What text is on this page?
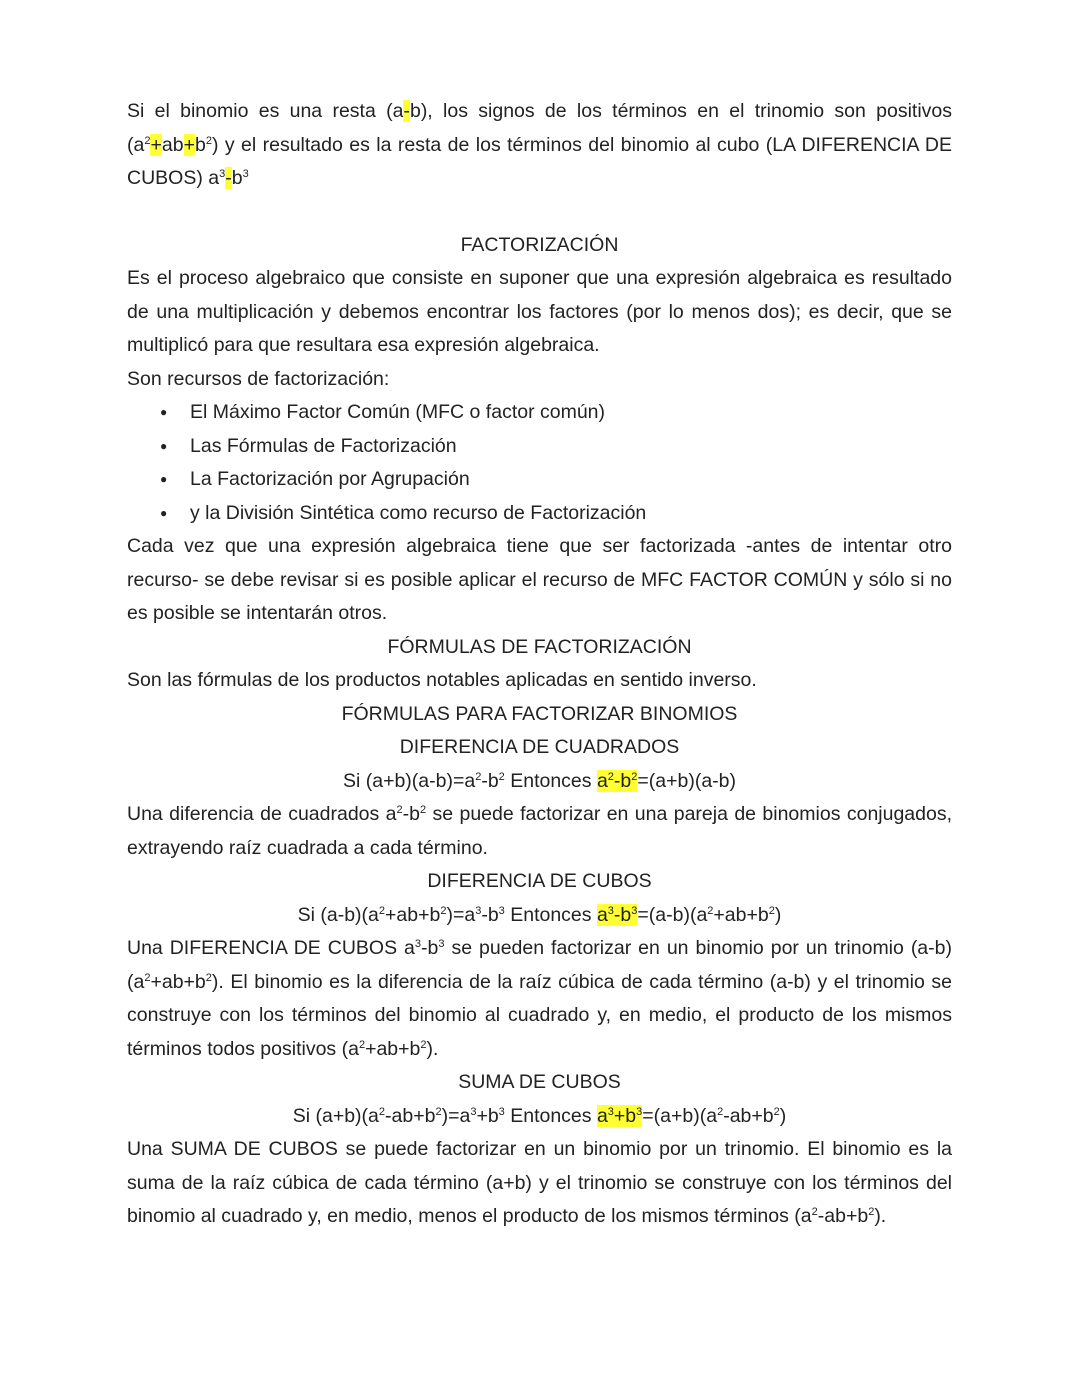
Si el binomio es una resta (a-b), los signos de los términos en el trinomio son positivos $(a^2+ab+b^2)$ y el resultado es la resta de los términos del binomio al cubo (LA DIFERENCIA DE CUBOS) $a^3-b^3$

FACTORIZACIÓN

Es el proceso algebraico que consiste en suponer que una expresión algebraica es resultado de una multiplicación y debemos encontrar los factores (por lo menos dos); es decir, que se multiplicó para que resultara esa expresión algebraica.

Son recursos de factorización:

● El Máximo Factor Común (MFC o factor común)
● Las Fórmulas de Factorización
● La Factorización por Agrupación
● y la División Sintética como recurso de Factorización

Cada vez que una expresión algebraica tiene que ser factorizada -antes de intentar otro recurso- se debe revisar si es posible aplicar el recurso de MFC FACTOR COMÚN y sólo si no es posible se intentarán otros.

FÓRMULAS DE FACTORIZACIÓN

Son las fórmulas de los productos notables aplicadas en sentido inverso.

FÓRMULAS PARA FACTORIZAR BINOMIOS

DIFERENCIA DE CUADRADOS

Si $(a+b)(a-b)=a^2-b^2$ Entonces $a^2-b^2=(a+b)(a-b)$

Una diferencia de cuadrados $a^2-b^2$ se puede factorizar en una pareja de binomios conjugados, extrayendo raíz cuadrada a cada término.

DIFERENCIA DE CUBOS

Si $(a-b)(a^2+ab+b^2)=a^3-b^3$ Entonces $a^3-b^3=(a-b)(a^2+ab+b^2)$

Una DIFERENCIA DE CUBOS $a^3-b^3$ se pueden factorizar en un binomio por un trinomio $(a-b)(a^2+ab+b^2)$. El binomio es la diferencia de la raíz cúbica de cada término (a-b) y el trinomio se construye con los términos del binomio al cuadrado y, en medio, el producto de los mismos términos todos positivos $(a^2+ab+b^2)$.

SUMA DE CUBOS

Si $(a+b)(a^2-ab+b^2)=a^3+b^3$ Entonces $a^3+b^3=(a+b)(a^2-ab+b^2)$

Una SUMA DE CUBOS se puede factorizar en un binomio por un trinomio. El binomio es la suma de la raíz cúbica de cada término (a+b) y el trinomio se construye con los términos del binomio al cuadrado y, en medio, menos el producto de los mismos términos $(a^2-ab+b^2)$.
